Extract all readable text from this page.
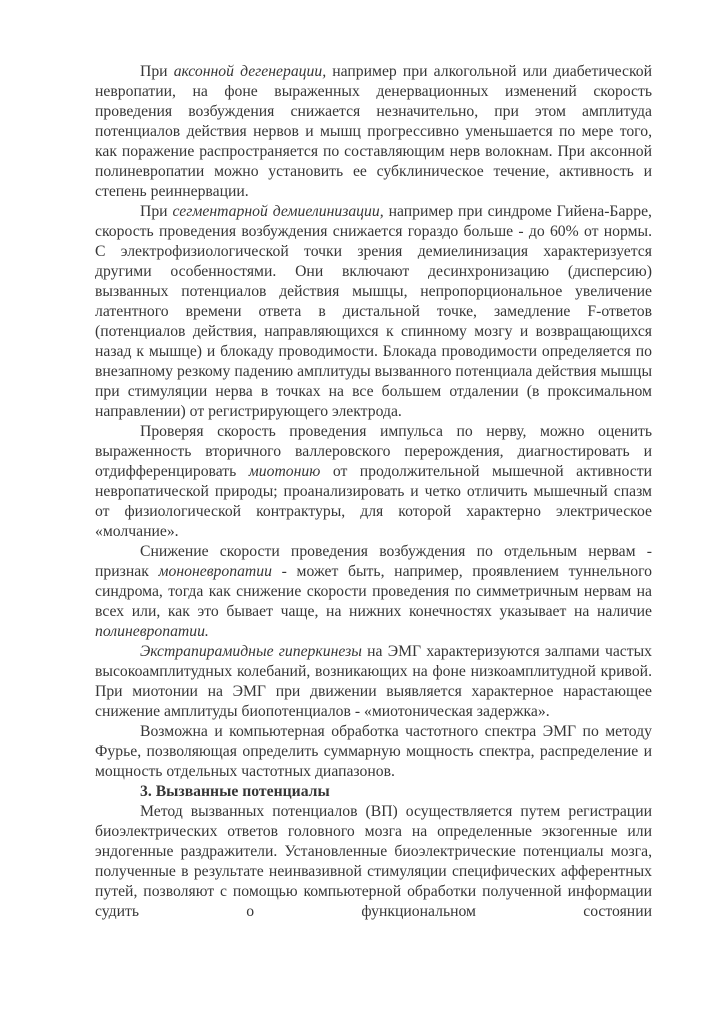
При аксонной дегенерации, например при алкогольной или диабетической невропатии, на фоне выраженных денервационных изменений скорость проведения возбуждения снижается незначительно, при этом амплитуда потенциалов действия нервов и мышц прогрессивно уменьшается по мере того, как поражение распространяется по составляющим нерв волокнам. При аксонной полиневропатии можно установить ее субклиническое течение, активность и степень реиннервации.

При сегментарной демиелинизации, например при синдроме Гийена-Барре, скорость проведения возбуждения снижается гораздо больше - до 60% от нормы. С электрофизиологической точки зрения демиелинизация характеризуется другими особенностями. Они включают десинхронизацию (дисперсию) вызванных потенциалов действия мышцы, непропорциональное увеличение латентного времени ответа в дистальной точке, замедление F-ответов (потенциалов действия, направляющихся к спинному мозгу и возвращающихся назад к мышце) и блокаду проводимости. Блокада проводимости определяется по внезапному резкому падению амплитуды вызванного потенциала действия мышцы при стимуляции нерва в точках на все большем отдалении (в проксимальном направлении) от регистрирующего электрода.

Проверяя скорость проведения импульса по нерву, можно оценить выраженность вторичного валлеровского перерождения, диагностировать и отдифференцировать миотонию от продолжительной мышечной активности невропатической природы; проанализировать и четко отличить мышечный спазм от физиологической контрактуры, для которой характерно электрическое «молчание».

Снижение скорости проведения возбуждения по отдельным нервам - признак мононевропатии - может быть, например, проявлением туннельного синдрома, тогда как снижение скорости проведения по симметричным нервам на всех или, как это бывает чаще, на нижних конечностях указывает на наличие полиневропатии.

Экстрапирамидные гиперкинезы на ЭМГ характеризуются залпами частых высокоамплитудных колебаний, возникающих на фоне низкоамплитудной кривой. При миотонии на ЭМГ при движении выявляется характерное нарастающее снижение амплитуды биопотенциалов - «миотоническая задержка».

Возможна и компьютерная обработка частотного спектра ЭМГ по методу Фурье, позволяющая определить суммарную мощность спектра, распределение и мощность отдельных частотных диапазонов.

3. Вызванные потенциалы

Метод вызванных потенциалов (ВП) осуществляется путем регистрации биоэлектрических ответов головного мозга на определенные экзогенные или эндогенные раздражители. Установленные биоэлектрические потенциалы мозга, полученные в результате неинвазивной стимуляции специфических афферентных путей, позволяют с помощью компьютерной обработки полученной информации судить о функциональном состоянии
